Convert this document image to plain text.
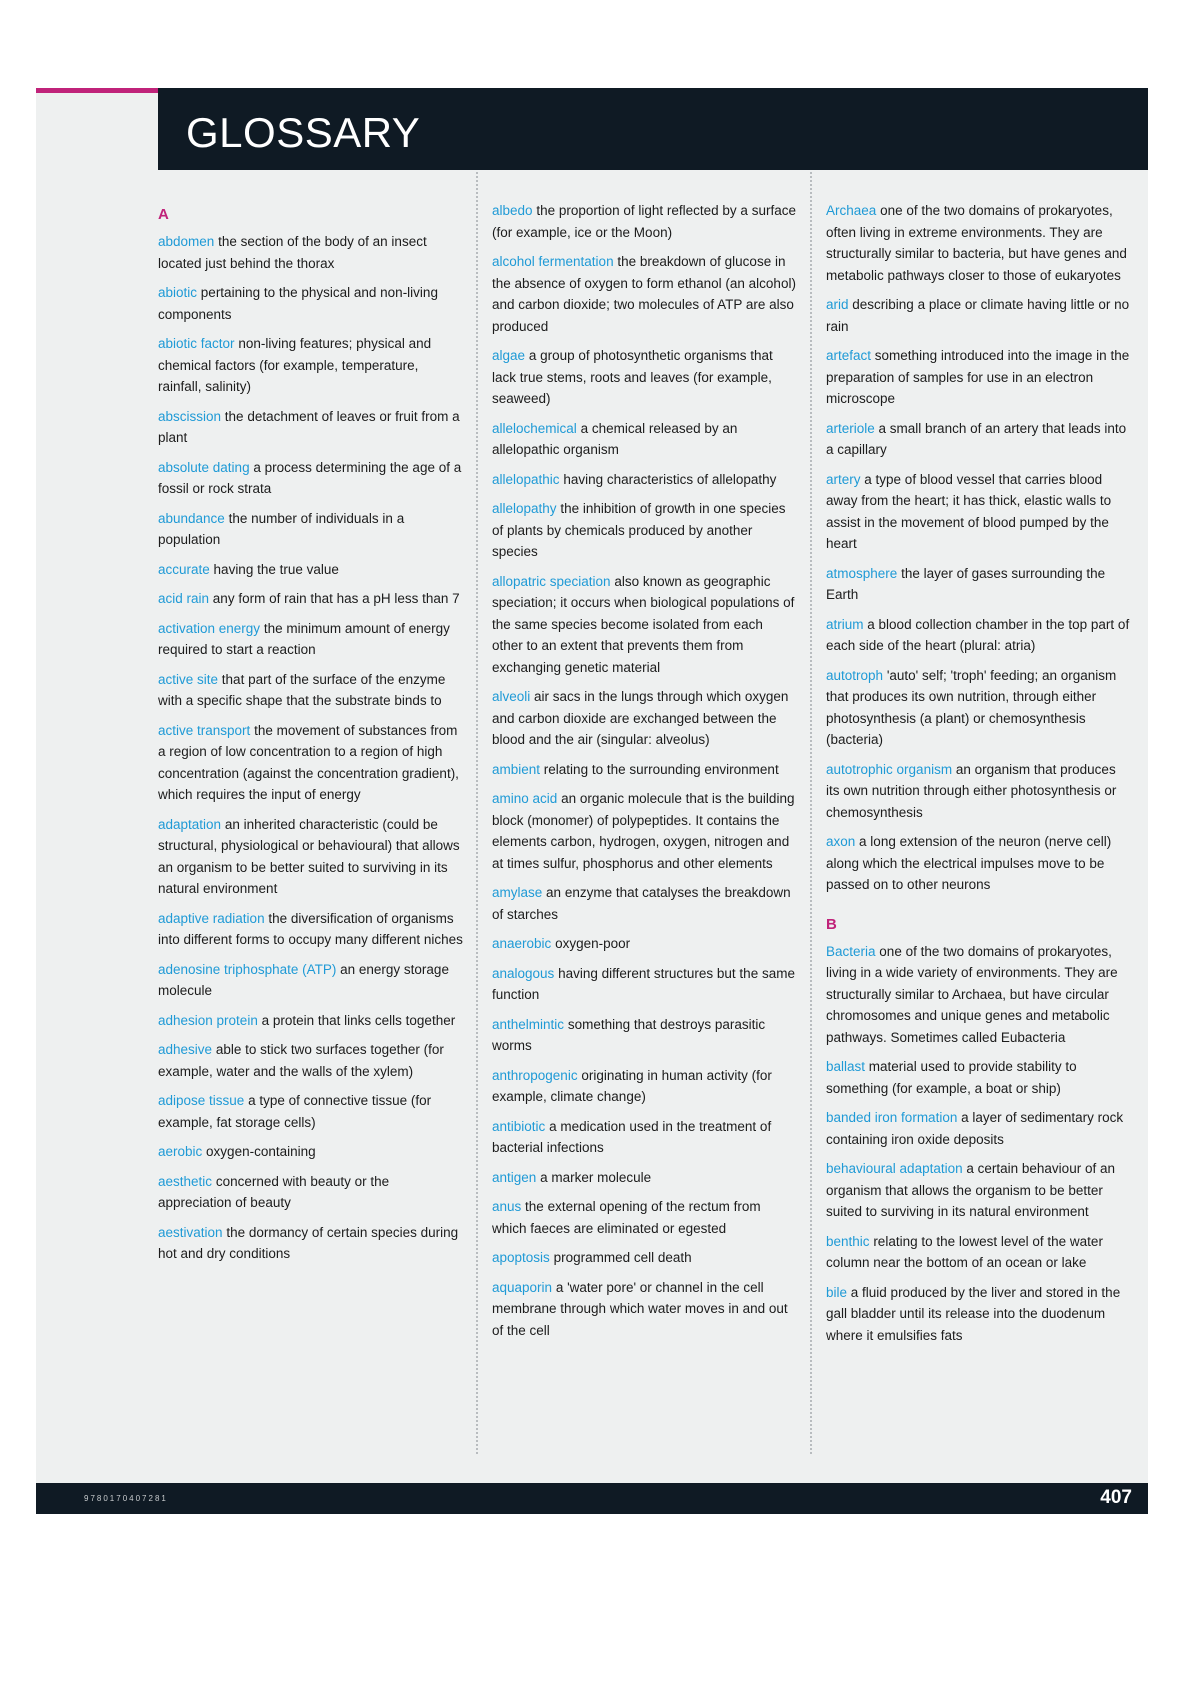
GLOSSARY
A
abdomen the section of the body of an insect located just behind the thorax
abiotic pertaining to the physical and non-living components
abiotic factor non-living features; physical and chemical factors (for example, temperature, rainfall, salinity)
abscission the detachment of leaves or fruit from a plant
absolute dating a process determining the age of a fossil or rock strata
abundance the number of individuals in a population
accurate having the true value
acid rain any form of rain that has a pH less than 7
activation energy the minimum amount of energy required to start a reaction
active site that part of the surface of the enzyme with a specific shape that the substrate binds to
active transport the movement of substances from a region of low concentration to a region of high concentration (against the concentration gradient), which requires the input of energy
adaptation an inherited characteristic (could be structural, physiological or behavioural) that allows an organism to be better suited to surviving in its natural environment
adaptive radiation the diversification of organisms into different forms to occupy many different niches
adenosine triphosphate (ATP) an energy storage molecule
adhesion protein a protein that links cells together
adhesive able to stick two surfaces together (for example, water and the walls of the xylem)
adipose tissue a type of connective tissue (for example, fat storage cells)
aerobic oxygen-containing
aesthetic concerned with beauty or the appreciation of beauty
aestivation the dormancy of certain species during hot and dry conditions
albedo the proportion of light reflected by a surface (for example, ice or the Moon)
alcohol fermentation the breakdown of glucose in the absence of oxygen to form ethanol (an alcohol) and carbon dioxide; two molecules of ATP are also produced
algae a group of photosynthetic organisms that lack true stems, roots and leaves (for example, seaweed)
allelochemical a chemical released by an allelopathic organism
allelopathic having characteristics of allelopathy
allelopathy the inhibition of growth in one species of plants by chemicals produced by another species
allopatric speciation also known as geographic speciation; it occurs when biological populations of the same species become isolated from each other to an extent that prevents them from exchanging genetic material
alveoli air sacs in the lungs through which oxygen and carbon dioxide are exchanged between the blood and the air (singular: alveolus)
ambient relating to the surrounding environment
amino acid an organic molecule that is the building block (monomer) of polypeptides. It contains the elements carbon, hydrogen, oxygen, nitrogen and at times sulfur, phosphorus and other elements
amylase an enzyme that catalyses the breakdown of starches
anaerobic oxygen-poor
analogous having different structures but the same function
anthelmintic something that destroys parasitic worms
anthropogenic originating in human activity (for example, climate change)
antibiotic a medication used in the treatment of bacterial infections
antigen a marker molecule
anus the external opening of the rectum from which faeces are eliminated or egested
apoptosis programmed cell death
aquaporin a 'water pore' or channel in the cell membrane through which water moves in and out of the cell
Archaea one of the two domains of prokaryotes, often living in extreme environments. They are structurally similar to bacteria, but have genes and metabolic pathways closer to those of eukaryotes
arid describing a place or climate having little or no rain
artefact something introduced into the image in the preparation of samples for use in an electron microscope
arteriole a small branch of an artery that leads into a capillary
artery a type of blood vessel that carries blood away from the heart; it has thick, elastic walls to assist in the movement of blood pumped by the heart
atmosphere the layer of gases surrounding the Earth
atrium a blood collection chamber in the top part of each side of the heart (plural: atria)
autotroph 'auto' self; 'troph' feeding; an organism that produces its own nutrition, through either photosynthesis (a plant) or chemosynthesis (bacteria)
autotrophic organism an organism that produces its own nutrition through either photosynthesis or chemosynthesis
axon a long extension of the neuron (nerve cell) along which the electrical impulses move to be passed on to other neurons
B
Bacteria one of the two domains of prokaryotes, living in a wide variety of environments. They are structurally similar to Archaea, but have circular chromosomes and unique genes and metabolic pathways. Sometimes called Eubacteria
ballast material used to provide stability to something (for example, a boat or ship)
banded iron formation a layer of sedimentary rock containing iron oxide deposits
behavioural adaptation a certain behaviour of an organism that allows the organism to be better suited to surviving in its natural environment
benthic relating to the lowest level of the water column near the bottom of an ocean or lake
bile a fluid produced by the liver and stored in the gall bladder until its release into the duodenum where it emulsifies fats
9780170407281	407
